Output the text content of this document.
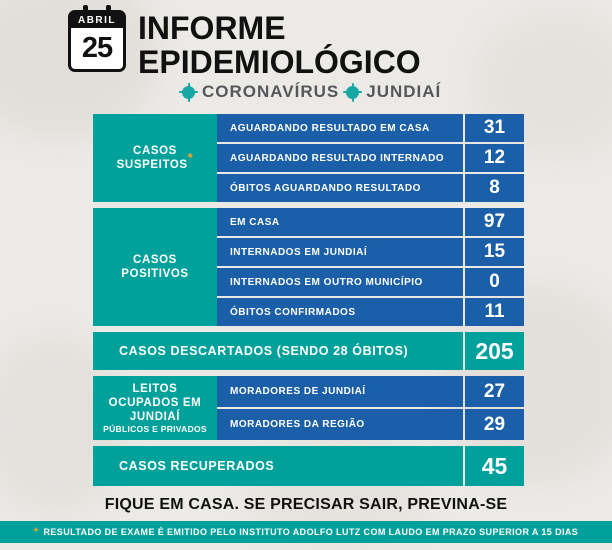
ABRIL
25
INFORME
EPIDEMIOLÓGICO
CORONAVÍRUS JUNDIAÍ
CASOS
SUSPEITOS*
AGUARDANDO RESULTADO EM CASA	31
AGUARDANDO RESULTADO INTERNADO	12
ÓBITOS AGUARDANDO RESULTADO	8
CASOS
POSITIVOS
EM CASA	97
INTERNADOS EM JUNDIAÍ	15
INTERNADOS EM OUTRO MUNICÍPIO	0
ÓBITOS CONFIRMADOS	11
CASOS DESCARTADOS (SENDO 28 ÓBITOS)	205
LEITOS
OCUPADOS EM
JUNDIAÍ
PÚBLICOS E PRIVADOS
MORADORES DE JUNDIAÍ	27
MORADORES DA REGIÃO	29
CASOS RECUPERADOS	45
FIQUE EM CASA. SE PRECISAR SAIR, PREVINA-SE
* RESULTADO DE EXAME É EMITIDO PELO INSTITUTO ADOLFO LUTZ COM LAUDO EM PRAZO SUPERIOR A 15 DIAS
